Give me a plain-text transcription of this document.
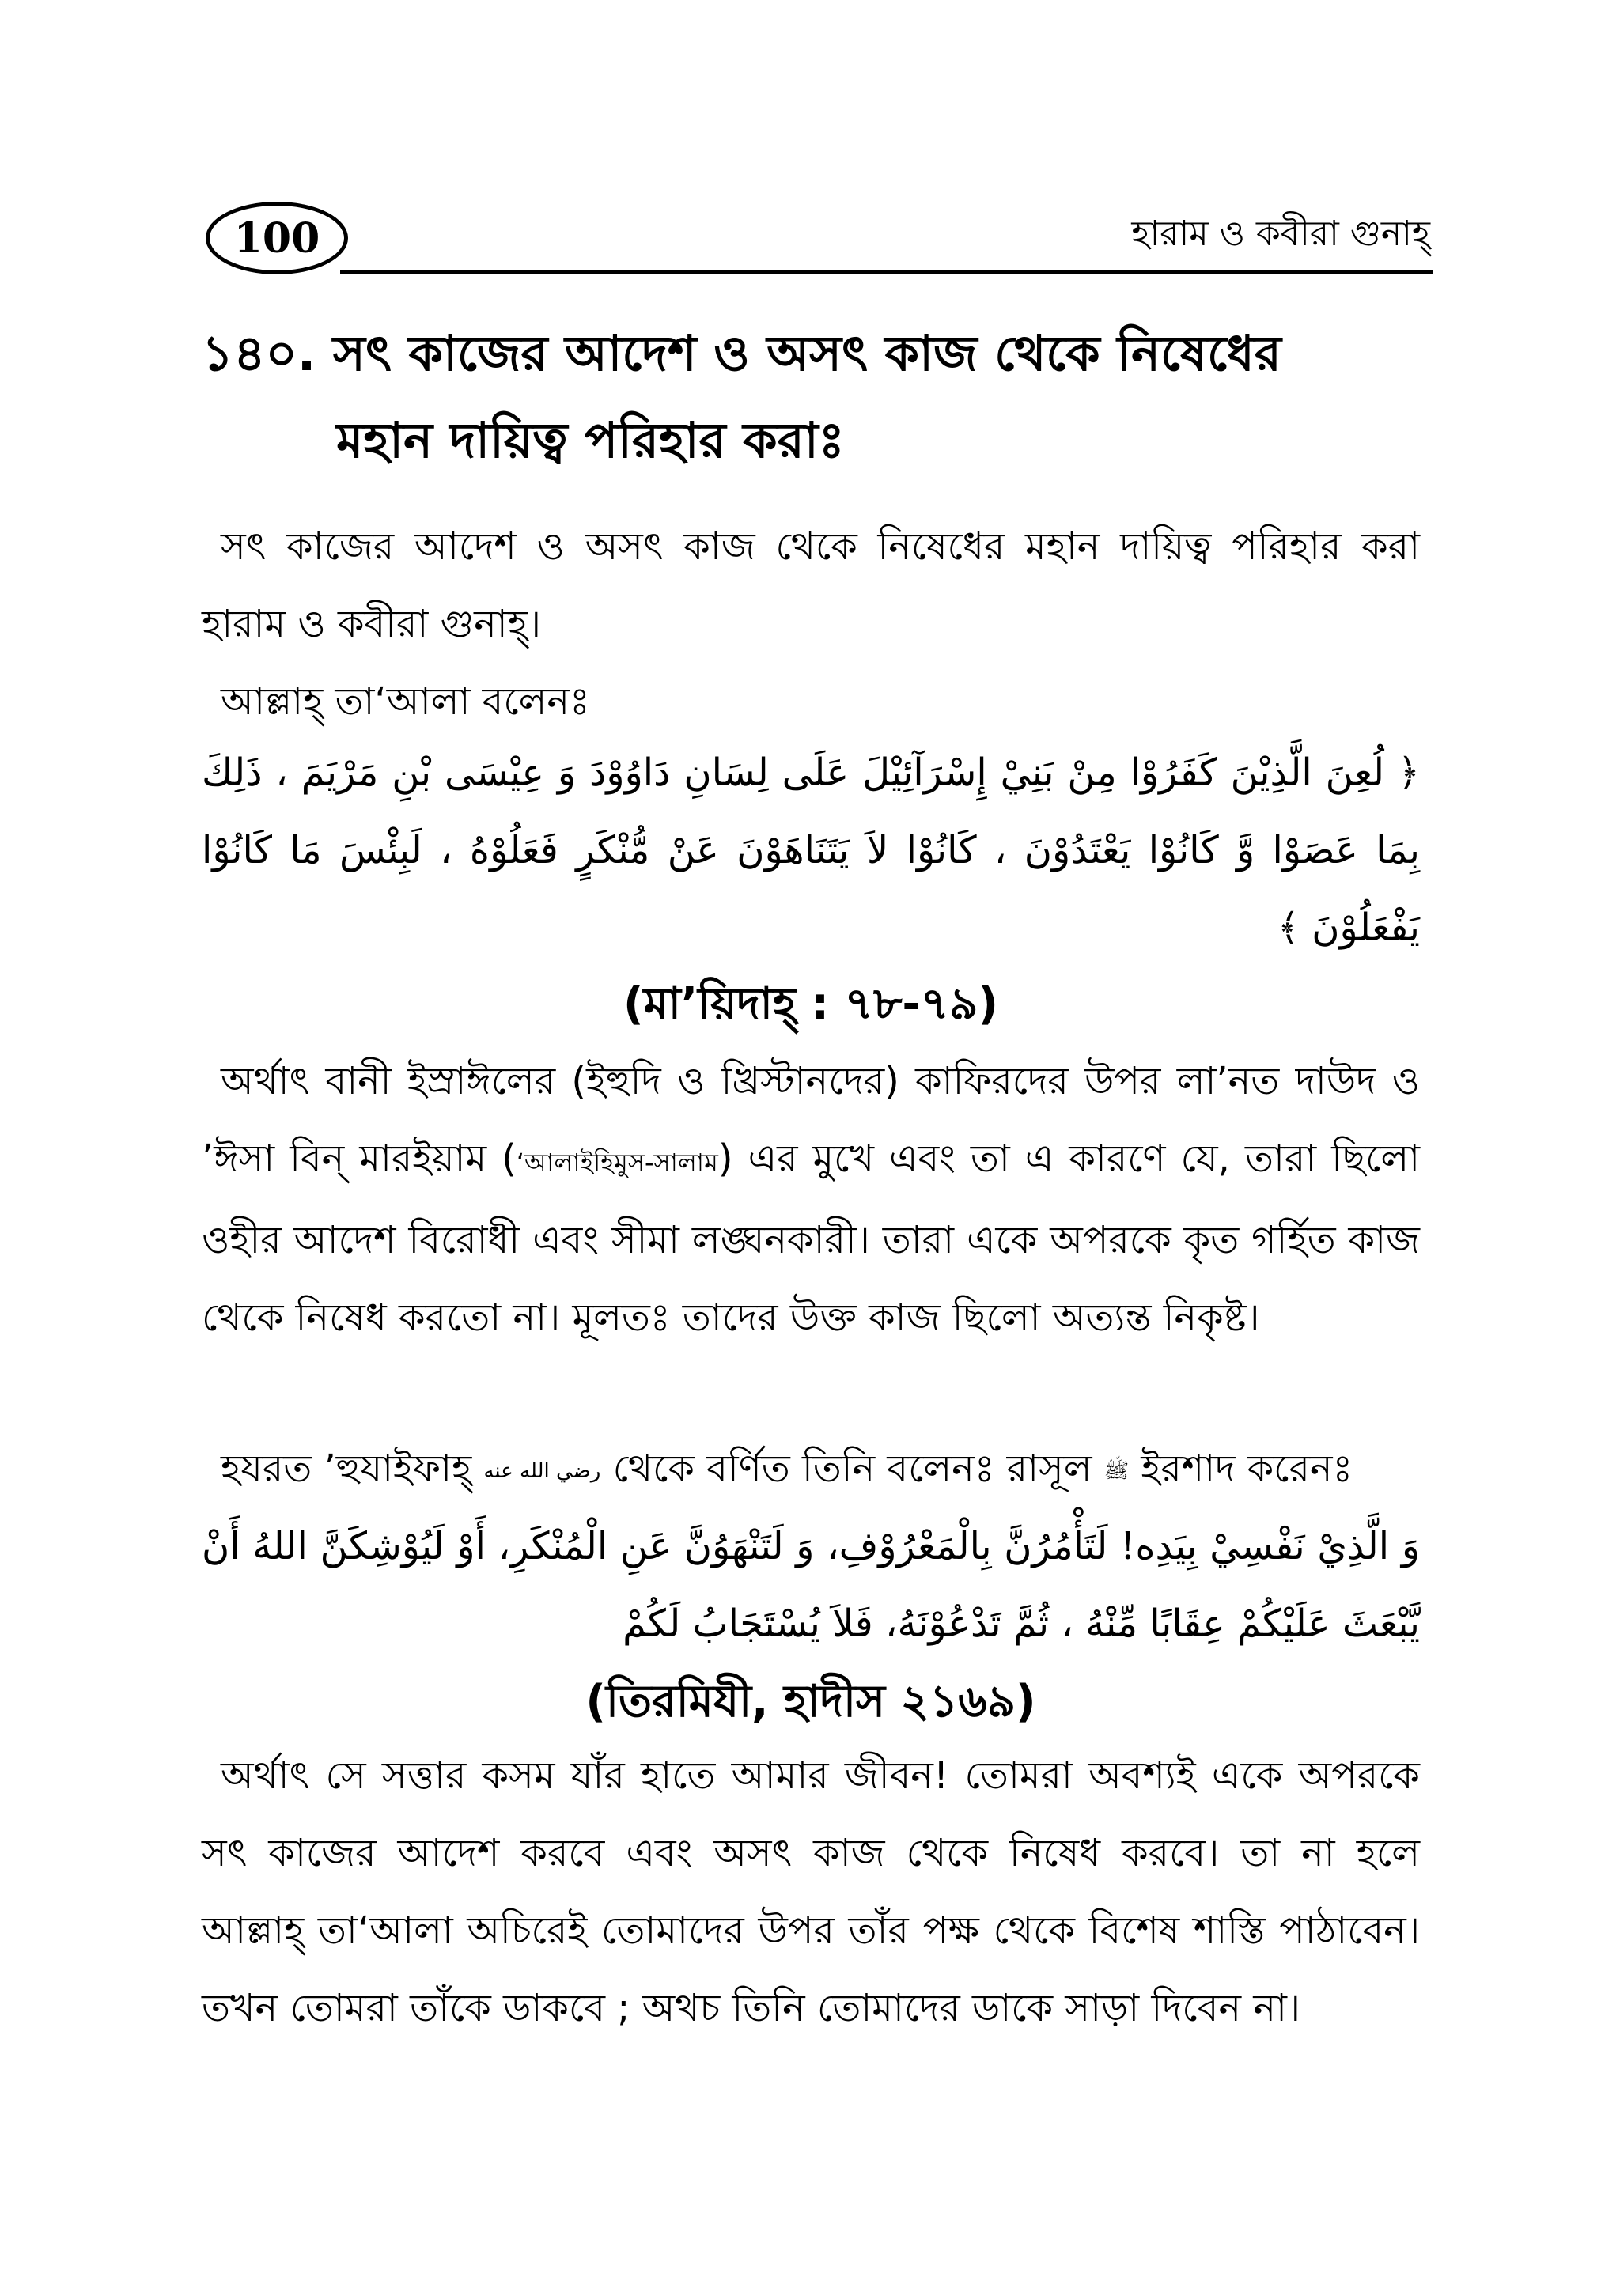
100	হারাম ও কবীরা গুনাহ্
১৪০. সৎ কাজের আদেশ ও অসৎ কাজ থেকে নিষেধের
মহান দায়িত্ব পরিহার করাঃ
সৎ কাজের আদেশ ও অসৎ কাজ থেকে নিষেধের মহান দায়িত্ব পরিহার করা হারাম ও কবীরা গুনাহ্।
আল্লাহ্ তা‘আলা বলেনঃ
﴿ لُعِنَ الَّذِيْنَ كَفَرُوْا مِنْ بَنِيْ إِسْرَآئِيْلَ عَلَى لِسَانِ دَاوُوْدَ وَ عِيْسَى بْنِ مَرْيَمَ ، ذَلِكَ بِمَا عَصَوْا وَّ كَانُوْا يَعْتَدُوْنَ ، كَانُوْا لاَ يَتَنَاهَوْنَ عَنْ مُّنْكَرٍ فَعَلُوْهُ ، لَبِئْسَ مَا كَانُوْا يَفْعَلُوْنَ ﴾
(মা’য়িদাহ্ : ৭৮-৭৯)
অর্থাৎ বানী ইস্রাঈলের (ইহুদি ও খ্রিস্টানদের) কাফিরদের উপর লা’নত দাউদ ও ’ঈসা বিন্ মারইয়াম (‘আলাইহিমুস-সালাম) এর মুখে এবং তা এ কারণে যে, তারা ছিলো ওহীর আদেশ বিরোধী এবং সীমা লঙ্ঘনকারী। তারা একে অপরকে কৃত গর্হিত কাজ থেকে নিষেধ করতো না। মূলতঃ তাদের উক্ত কাজ ছিলো অত্যন্ত নিকৃষ্ট।
হযরত ’হুযাইফাহ্ رضي الله عنه থেকে বর্ণিত তিনি বলেনঃ রাসূল ﷺ ইরশাদ করেনঃ
وَ الَّذِيْ نَفْسِيْ بِيَدِه! لَتَأْمُرُنَّ بِالْمَعْرُوْفِ، وَ لَتَنْهَوُنَّ عَنِ الْمُنْكَرِ، أَوْ لَيُوْشِكَنَّ اللهُ أَنْ يَّبْعَثَ عَلَيْكُمْ عِقَابًا مِّنْهُ ، ثُمَّ تَدْعُوْنَهُ، فَلاَ يُسْتَجَابُ لَكُمْ
(তিরমিযী, হাদীস ২১৬৯)
অর্থাৎ সে সত্তার কসম যাঁর হাতে আমার জীবন! তোমরা অবশ্যই একে অপরকে সৎ কাজের আদেশ করবে এবং অসৎ কাজ থেকে নিষেধ করবে। তা না হলে আল্লাহ্ তা‘আলা অচিরেই তোমাদের উপর তাঁর পক্ষ থেকে বিশেষ শাস্তি পাঠাবেন। তখন তোমরা তাঁকে ডাকবে ; অথচ তিনি তোমাদের ডাকে সাড়া দিবেন না।
